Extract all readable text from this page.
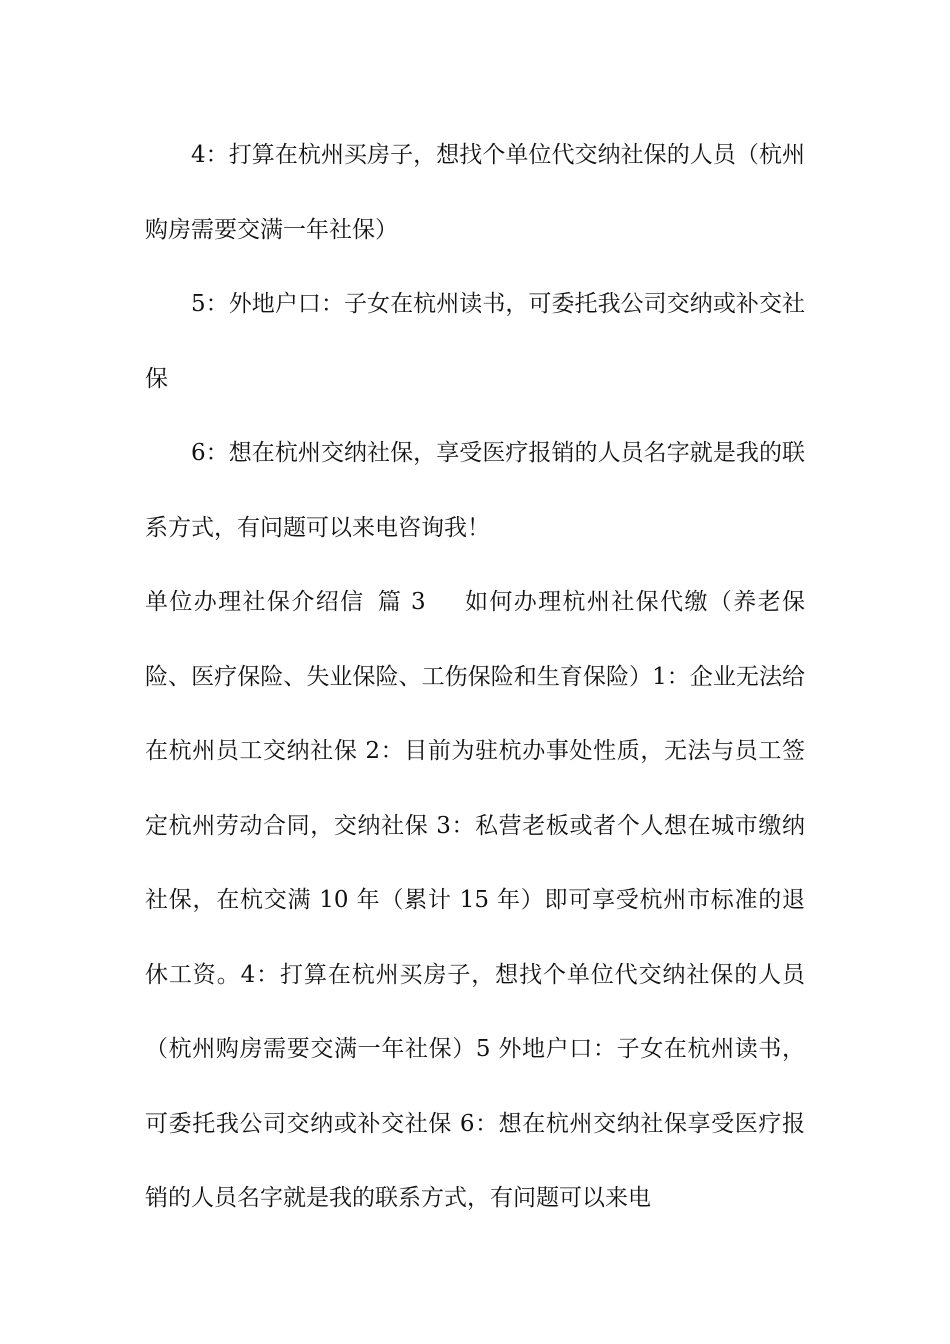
4：打算在杭州买房子，想找个单位代交纳社保的人员（杭州购房需要交满一年社保）

5：外地户口：子女在杭州读书，可委托我公司交纳或补交社保

6：想在杭州交纳社保，享受医疗报销的人员名字就是我的联系方式，有问题可以来电咨询我！

单位办理社保介绍信 篇 3 如何办理杭州社保代缴（养老保险、医疗保险、失业保险、工伤保险和生育保险）1：企业无法给在杭州员工交纳社保 2：目前为驻杭办事处性质，无法与员工签定杭州劳动合同，交纳社保 3：私营老板或者个人想在城市缴纳社保，在杭交满 10 年（累计 15 年）即可享受杭州市标准的退休工资。4：打算在杭州买房子，想找个单位代交纳社保的人员（杭州购房需要交满一年社保）5 外地户口：子女在杭州读书，可委托我公司交纳或补交社保 6：想在杭州交纳社保享受医疗报销的人员名字就是我的联系方式，有问题可以来电
